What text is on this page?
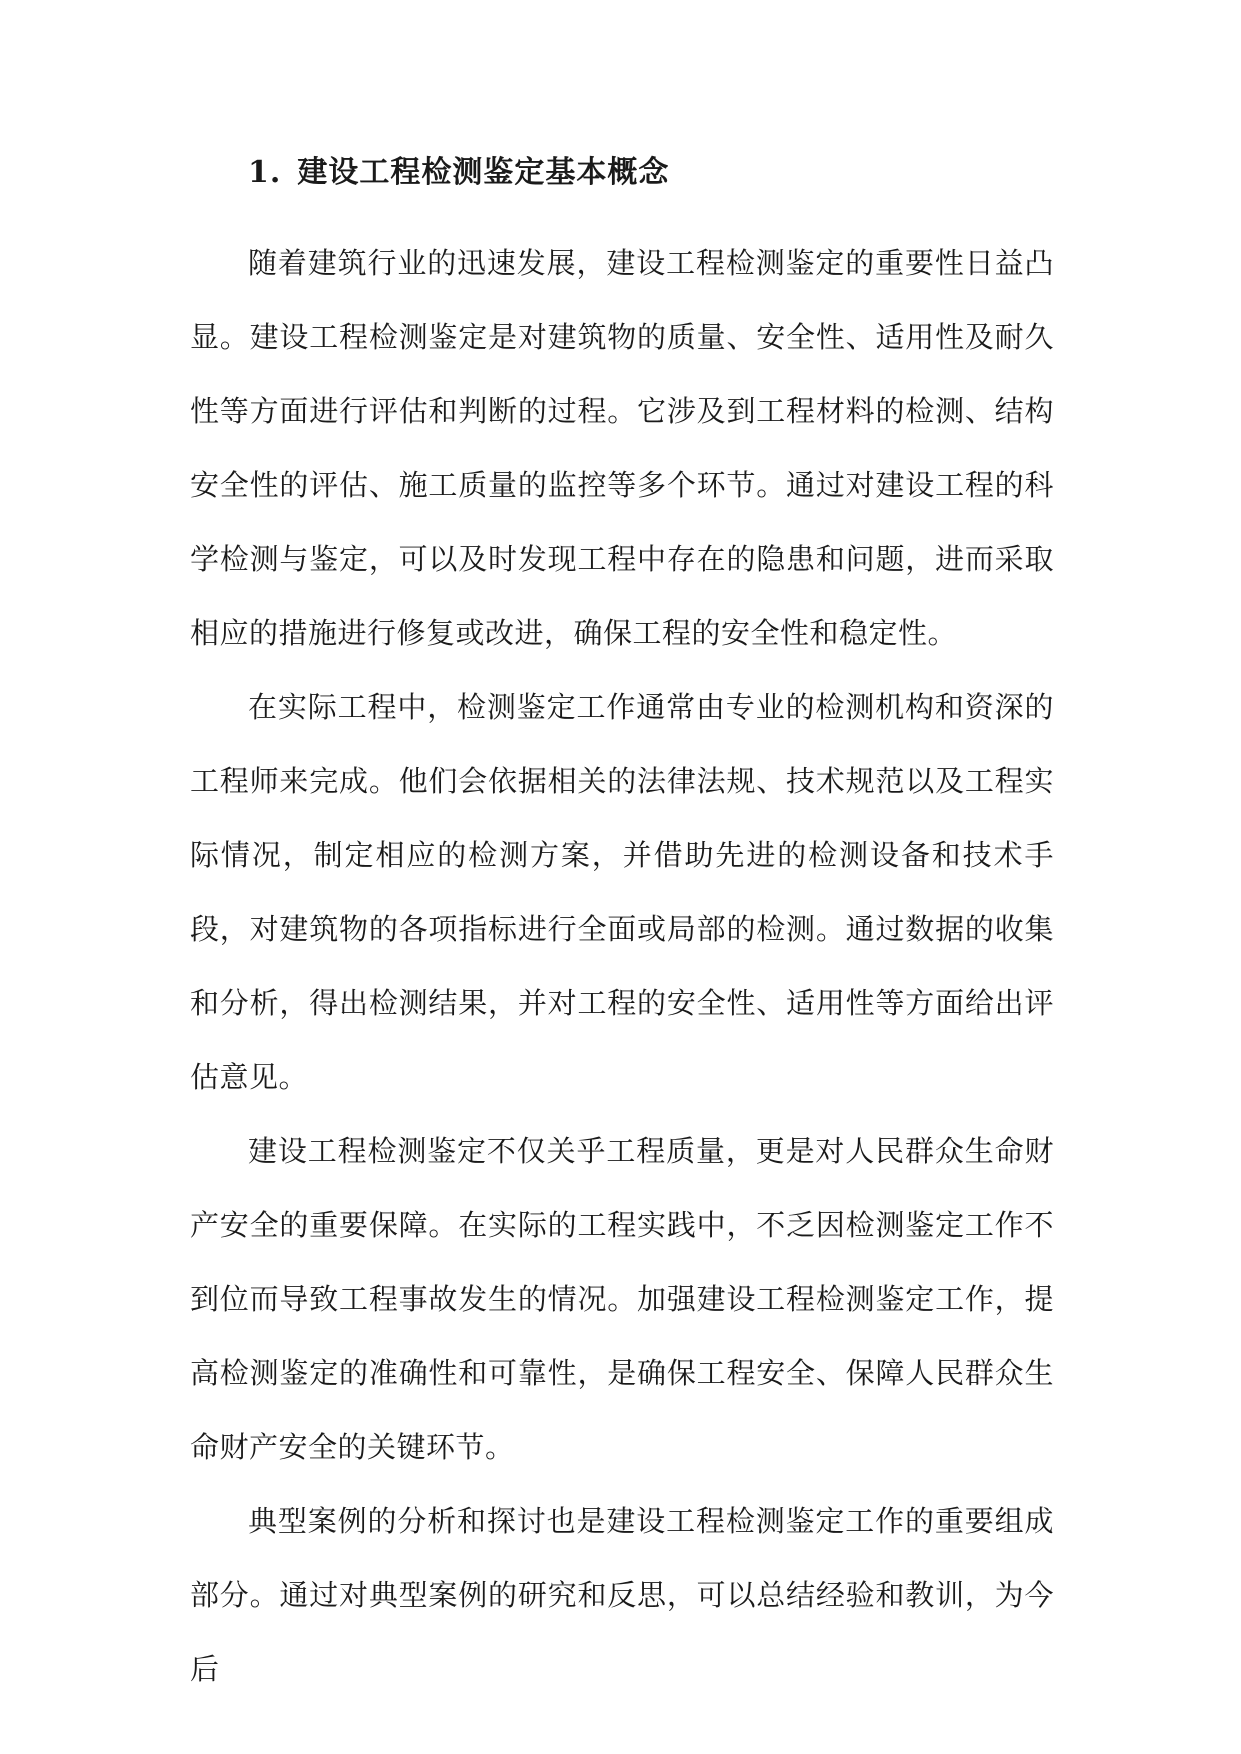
1. 建设工程检测鉴定基本概念

随着建筑行业的迅速发展，建设工程检测鉴定的重要性日益凸显。建设工程检测鉴定是对建筑物的质量、安全性、适用性及耐久性等方面进行评估和判断的过程。它涉及到工程材料的检测、结构安全性的评估、施工质量的监控等多个环节。通过对建设工程的科学检测与鉴定，可以及时发现工程中存在的隐患和问题，进而采取相应的措施进行修复或改进，确保工程的安全性和稳定性。

在实际工程中，检测鉴定工作通常由专业的检测机构和资深的工程师来完成。他们会依据相关的法律法规、技术规范以及工程实际情况，制定相应的检测方案，并借助先进的检测设备和技术手段，对建筑物的各项指标进行全面或局部的检测。通过数据的收集和分析，得出检测结果，并对工程的安全性、适用性等方面给出评估意见。

建设工程检测鉴定不仅关乎工程质量，更是对人民群众生命财产安全的重要保障。在实际的工程实践中，不乏因检测鉴定工作不到位而导致工程事故发生的情况。加强建设工程检测鉴定工作，提高检测鉴定的准确性和可靠性，是确保工程安全、保障人民群众生命财产安全的关键环节。

典型案例的分析和探讨也是建设工程检测鉴定工作的重要组成部分。通过对典型案例的研究和反思，可以总结经验和教训，为今后
